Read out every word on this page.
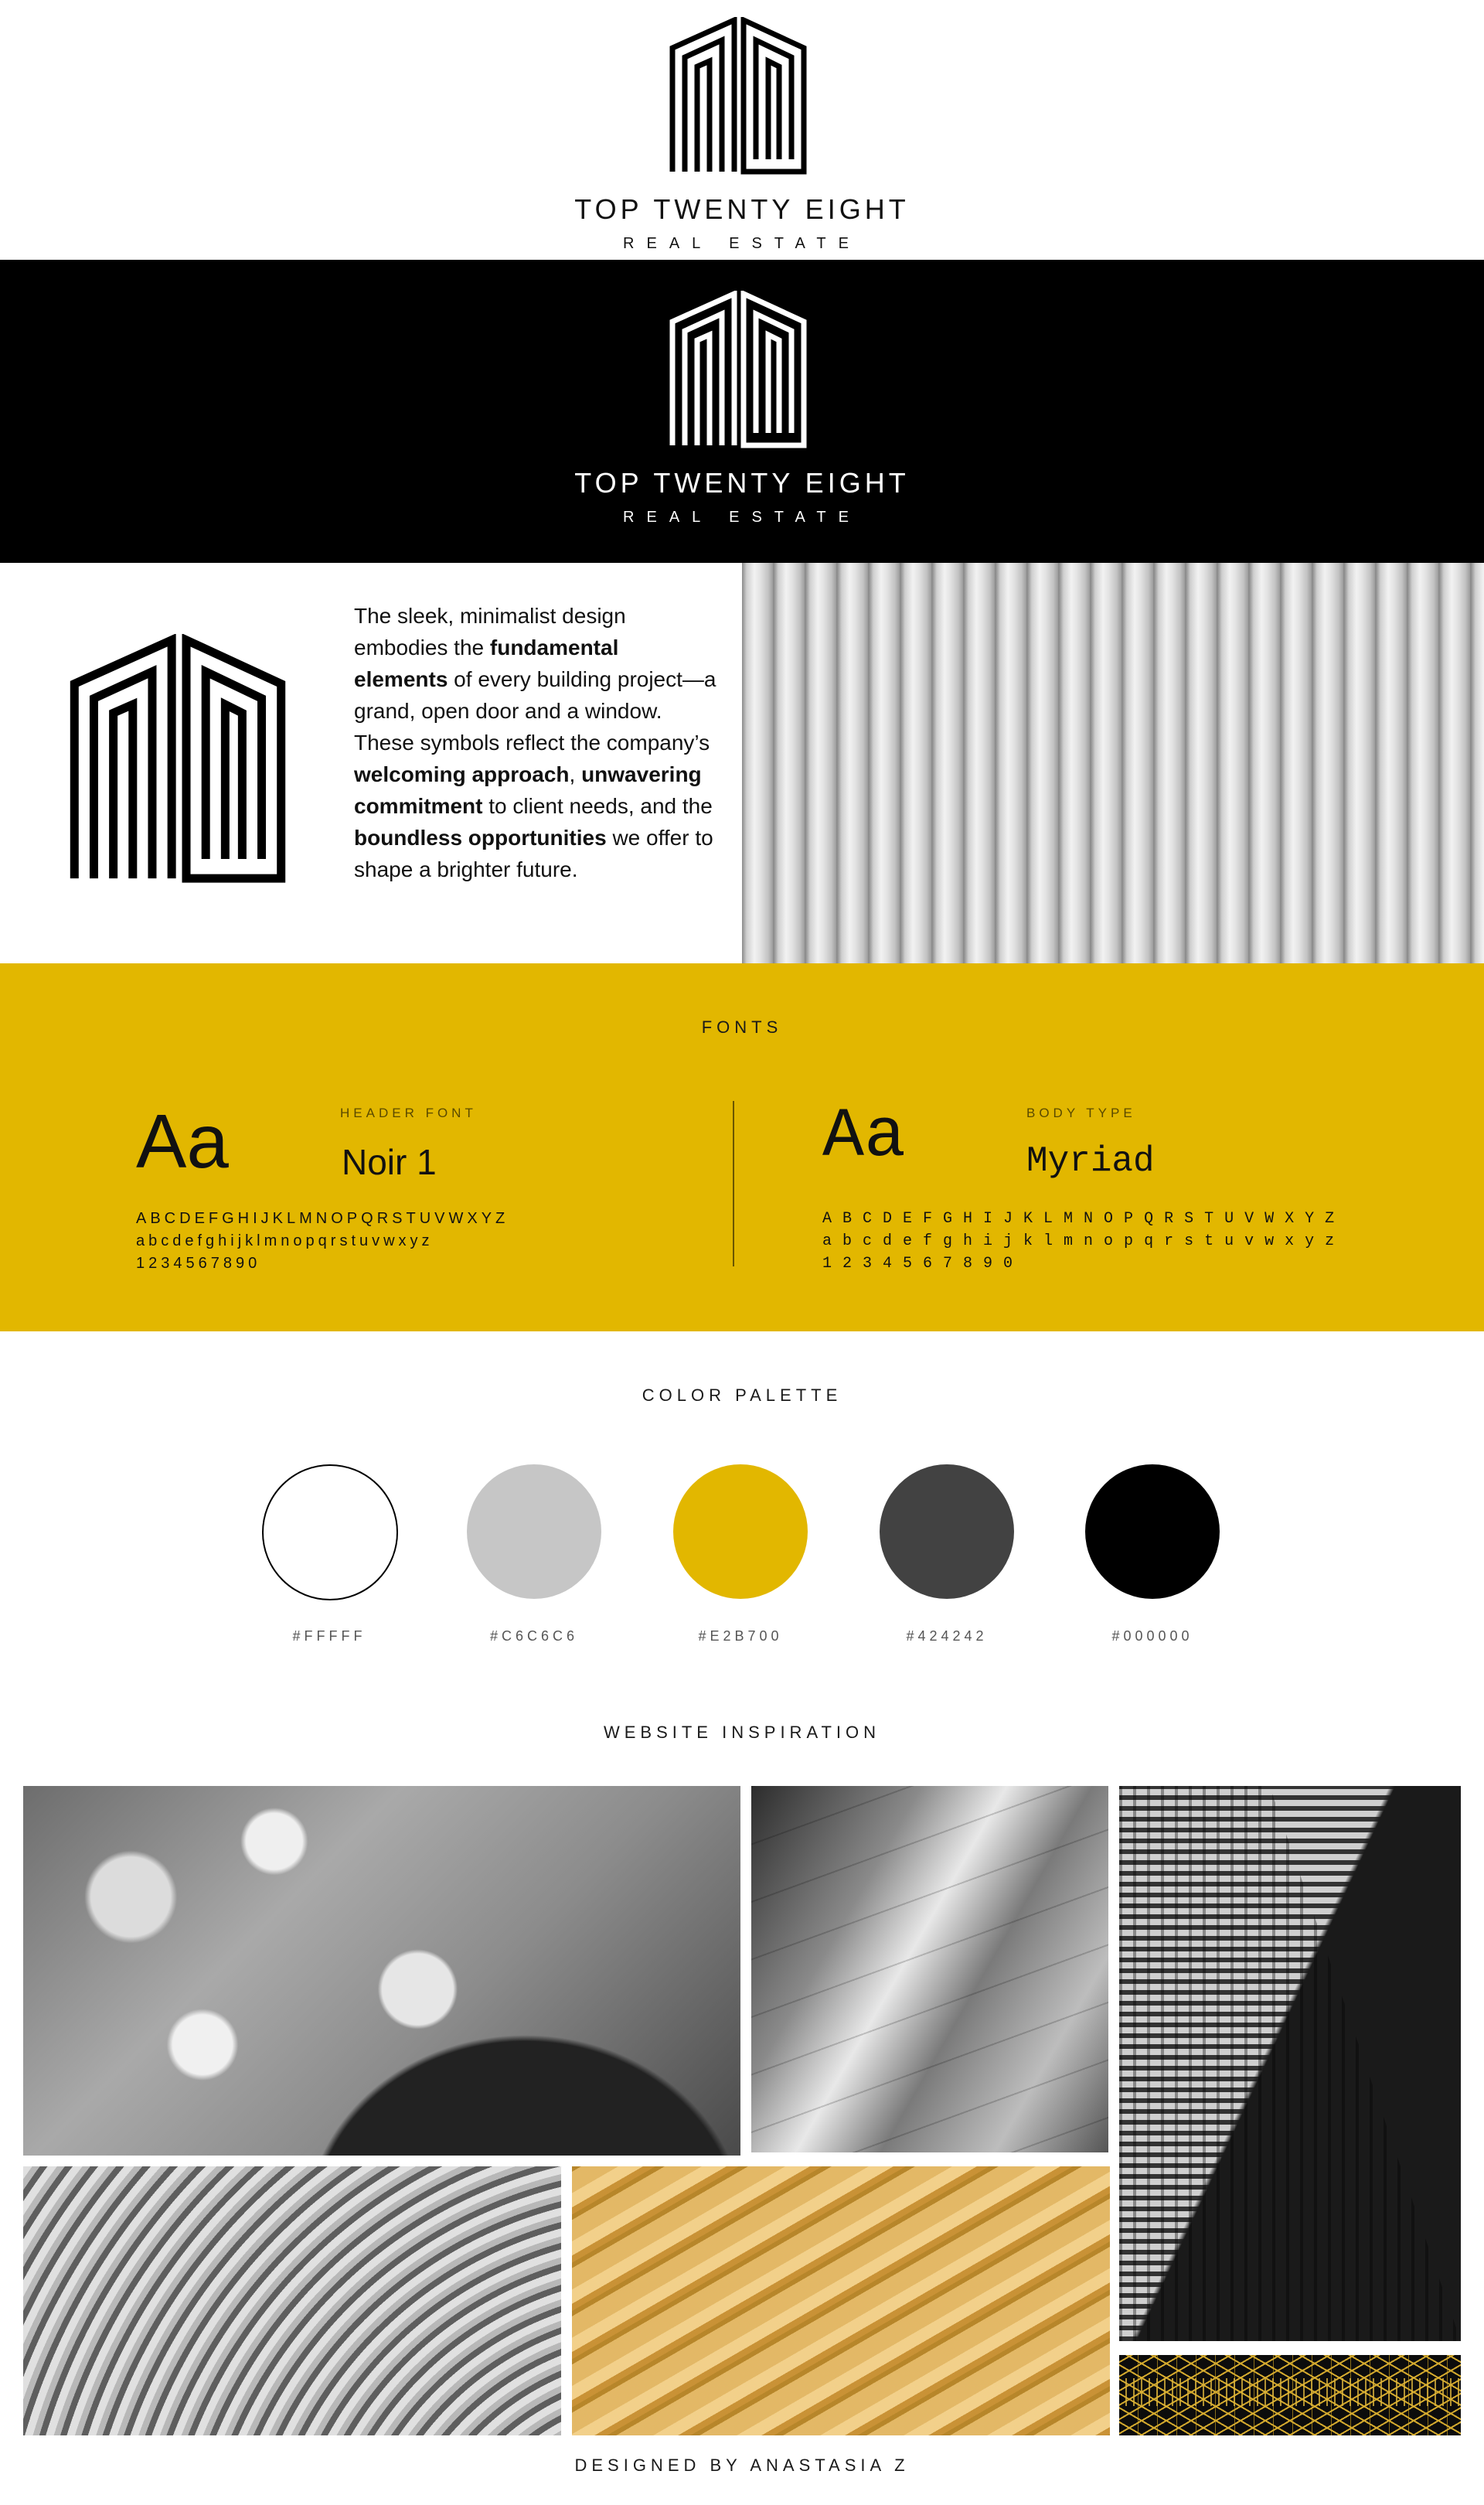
TOP TWENTY EIGHT
REAL ESTATE
TOP TWENTY EIGHT
REAL ESTATE
The sleek, minimalist design embodies the fundamental elements of every building project—a grand, open door and a window. These symbols reflect the company’s welcoming approach, unwavering commitment to client needs, and the boundless opportunities we offer to shape a brighter future.
FONTS
HEADER FONT
Aa	Noir 1
ABCDEFGHIJKLMNOPQRSTUVWXYZ
abcdefghijklmnopqrstuvwxyz
1234567890
BODY TYPE
Aa	Myriad
A B C D E F G H I J K L M N O P Q R S T U V W X Y Z
a b c d e f g h i j k l m n o p q r s t u v w x y z
1 2 3 4 5 6 7 8 9 0
COLOR PALETTE
#FFFFF	#C6C6C6	#E2B700	#424242	#000000
WEBSITE INSPIRATION
DESIGNED BY ANASTASIA Z
